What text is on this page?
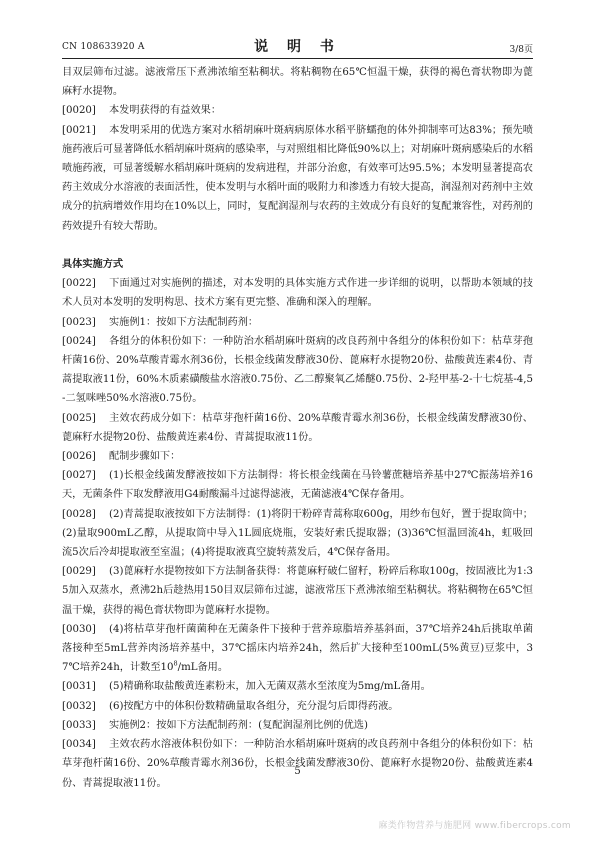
CN 108633920 A	说 明 书	3/8页

目双层筛布过滤。滤液常压下煮沸浓缩至粘稠状。将粘稠物在65℃恒温干燥，获得的褐色膏状物即为蓖麻籽水提物。

[0020] 本发明获得的有益效果：

[0021] 本发明采用的优选方案对水稻胡麻叶斑病病原体水稻平脐蠕孢的体外抑制率可达83%；预先喷施药液后可显著降低水稻胡麻叶斑病的感染率，与对照组相比降低90%以上；对胡麻叶斑病感染后的水稻喷施药液，可显著缓解水稻胡麻叶斑病的发病进程，并部分治愈，有效率可达95.5%；本发明显著提高农药主效成分水溶液的表面活性，使本发明与水稻叶面的吸附力和渗透力有较大提高，润湿剂对药剂中主效成分的抗病增效作用均在10%以上，同时，复配润湿剂与农药的主效成分有良好的复配兼容性，对药剂的药效提升有较大帮助。

具体实施方式

[0022] 下面通过对实施例的描述，对本发明的具体实施方式作进一步详细的说明，以帮助本领域的技术人员对本发明的发明构思、技术方案有更完整、准确和深入的理解。

[0023] 实施例1：按如下方法配制药剂：

[0024] 各组分的体积份如下：一种防治水稻胡麻叶斑病的改良药剂中各组分的体积份如下：枯草芽孢杆菌16份、20%草酸青霉水剂36份，长根金线菌发酵液30份、蓖麻籽水提物20份、盐酸黄连素4份、青蒿提取液11份，60%木质素磺酸盐水溶液0.75份、乙二醇聚氧乙烯醚0.75份、2-羟甲基-2-十七烷基-4,5-二氢咪唑50%水溶液0.75份。

[0025] 主效农药成分如下：枯草芽孢杆菌16份、20%草酸青霉水剂36份，长根金线菌发酵液30份、蓖麻籽水提物20份、盐酸黄连素4份、青蒿提取液11份。

[0026] 配制步骤如下：

[0027] (1)长根金线菌发酵液按如下方法制得：将长根金线菌在马铃薯蔗糖培养基中27℃振荡培养16天，无菌条件下取发酵液用G4耐酸漏斗过滤得滤液，无菌滤液4℃保存备用。

[0028] (2)青蒿提取液按如下方法制得：(1)将阴干粉碎青蒿称取600g，用纱布包好，置于提取筒中；(2)量取900mL乙醇，从提取筒中导入1L圆底烧瓶，安装好索氏提取器；(3)36℃恒温回流4h，虹吸回流5次后冷却提取液至室温；(4)将提取液真空旋转蒸发后，4℃保存备用。

[0029] (3)蓖麻籽水提物按如下方法制备获得：将蓖麻籽破仁留籽，粉碎后称取100g，按固液比为1:35加入双蒸水，煮沸2h后趁热用150目双层筛布过滤，滤液常压下煮沸浓缩至粘稠状。将粘稠物在65℃恒温干燥，获得的褐色膏状物即为蓖麻籽水提物。

[0030] (4)将枯草芽孢杆菌菌种在无菌条件下接种于营养琼脂培养基斜面，37℃培养24h后挑取单菌落接种至5mL营养肉汤培养基中，37℃摇床内培养24h，然后扩大接种至100mL(5%黄豆)豆浆中，37℃培养24h，计数至$10^8/mL$备用。

[0031] (5)精确称取盐酸黄连素粉末，加入无菌双蒸水至浓度为5mg/mL备用。

[0032] (6)按配方中的体积份数精确量取各组分，充分混匀后即得药液。

[0033] 实施例2：按如下方法配制药剂：(复配润湿剂比例的优选)

[0034] 主效农药水溶液体积份如下：一种防治水稻胡麻叶斑病的改良药剂中各组分的体积份如下：枯草芽孢杆菌16份、20%草酸青霉水剂36份，长根金线菌发酵液30份、蓖麻籽水提物20份、盐酸黄连素4份、青蒿提取液11份。

5
麻类作物营养与施肥网 www.fibercrops.com
